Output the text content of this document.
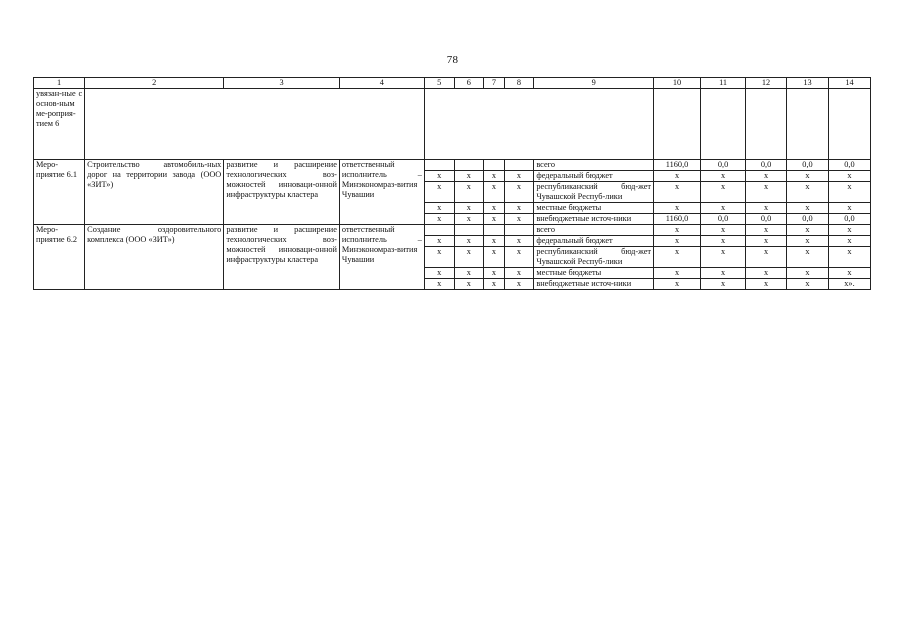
78
1	2	3	4	5	6	7	8	9	10	11	12	13	14
увязан-ные с основ-ным ме-роприя-тием 6													
Меро-приятие 6.1	Строительство автомобиль-ных дорог на территории завода (ООО «ЗИТ»)	развитие и расширение технологических воз-можностей инноваци-онной инфраструктуры кластера	ответственный исполнитель – Минэкономраз-вития Чувашии					всего	1160,0	0,0	0,0	0,0	0,0
				х	х	х	х	федеральный бюджет	х	х	х	х	х
				х	х	х	х	республиканский бюд-жет Чувашской Респуб-лики	х	х	х	х	х
				х	х	х	х	местные бюджеты	х	х	х	х	х
				х	х	х	х	внебюджетные источ-ники	1160,0	0,0	0,0	0,0	0,0
Меро-приятие 6.2	Создание оздоровительного комплекса (ООО «ЗИТ»)	развитие и расширение технологических воз-можностей инноваци-онной инфраструктуры кластера	ответственный исполнитель – Минэкономраз-вития Чувашии					всего	х	х	х	х	х
				х	х	х	х	федеральный бюджет	х	х	х	х	х
				х	х	х	х	республиканский бюд-жет Чувашской Респуб-лики	х	х	х	х	х
				х	х	х	х	местные бюджеты	х	х	х	х	х
				х	х	х	х	внебюджетные источ-ники	х	х	х	х	х».
